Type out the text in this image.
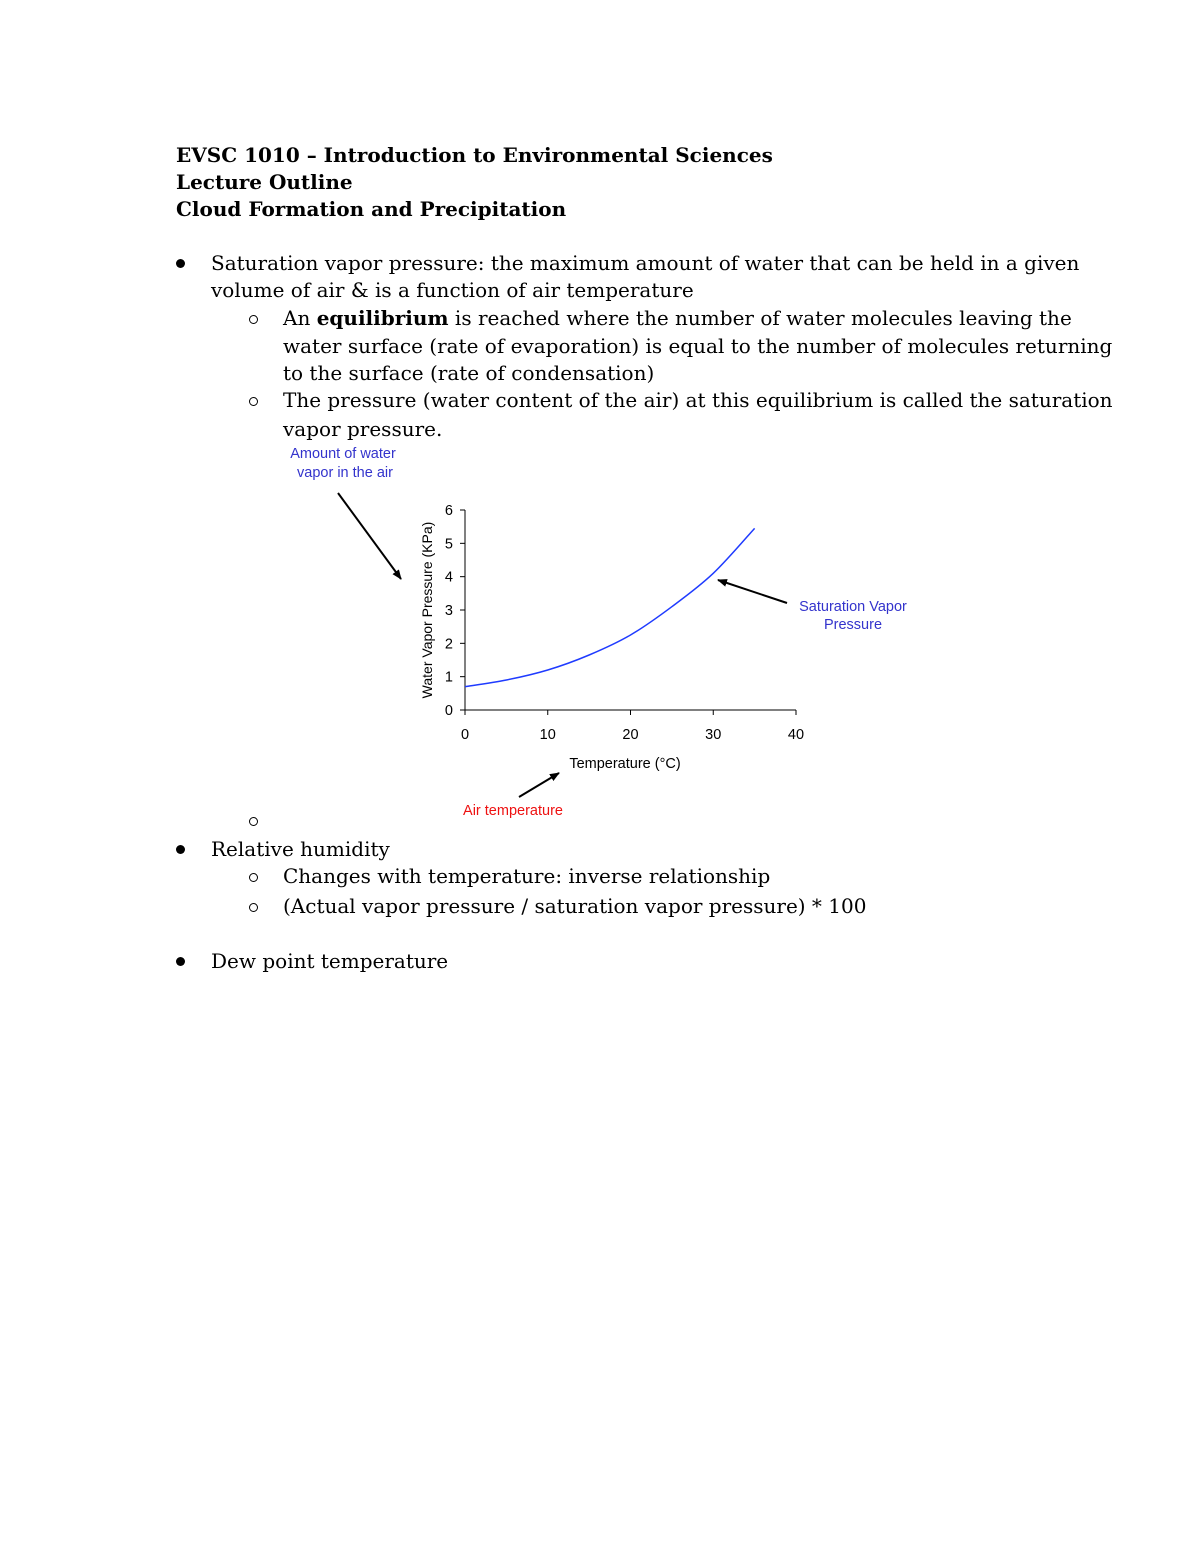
EVSC 1010 – Introduction to Environmental Sciences
Lecture Outline
Cloud Formation and Precipitation
Saturation vapor pressure: the maximum amount of water that can be held in a given
volume of air & is a function of air temperature
An equilibrium is reached where the number of water molecules leaving the
water surface (rate of evaporation) is equal to the number of molecules returning
to the surface (rate of condensation)
The pressure (water content of the air) at this equilibrium is called the saturation
vapor pressure.
Relative humidity
Changes with temperature: inverse relationship
(Actual vapor pressure / saturation vapor pressure) * 100
Dew point temperature
0	10	20	30	40
0
1
2
3
4
5
6
Water Vapor Pressure (KPa)
Temperature (°C)
Amount of water
vapor in the air
Saturation Vapor
Pressure
Air temperature
